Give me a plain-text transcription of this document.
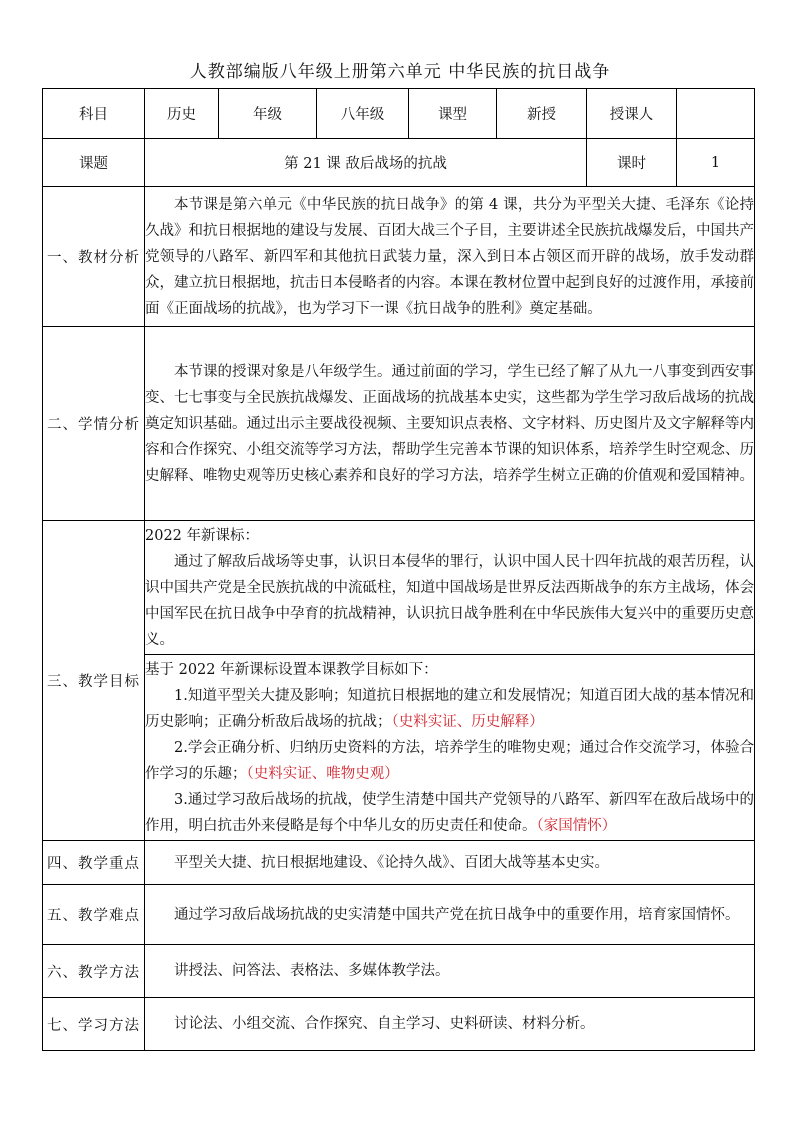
人教部编版八年级上册第六单元 中华民族的抗日战争
科目	历史	年级	八年级	课型	新授	授课人	
课题	第 21 课 敌后战场的抗战					课时	1
一、教材分析	本节课是第六单元《中华民族的抗日战争》的第 4 课，共分为平型关大捷、毛泽东《论持久战》和抗日根据地的建设与发展、百团大战三个子目，主要讲述全民族抗战爆发后，中国共产党领导的八路军、新四军和其他抗日武装力量，深入到日本占领区而开辟的战场，放手发动群众，建立抗日根据地，抗击日本侵略者的内容。本课在教材位置中起到良好的过渡作用，承接前面《正面战场的抗战》，也为学习下一课《抗日战争的胜利》奠定基础。						
二、学情分析	本节课的授课对象是八年级学生。通过前面的学习，学生已经了解了从九一八事变到西安事变、七七事变与全民族抗战爆发、正面战场的抗战基本史实，这些都为学生学习敌后战场的抗战奠定知识基础。通过出示主要战役视频、主要知识点表格、文字材料、历史图片及文字解释等内容和合作探究、小组交流等学习方法，帮助学生完善本节课的知识体系，培养学生时空观念、历史解释、唯物史观等历史核心素养和良好的学习方法，培养学生树立正确的价值观和爱国精神。						
三、教学目标	2022 年新课标：
通过了解敌后战场等史事，认识日本侵华的罪行，认识中国人民十四年抗战的艰苦历程，认识中国共产党是全民族抗战的中流砥柱，知道中国战场是世界反法西斯战争的东方主战场，体会中国军民在抗日战争中孕育的抗战精神，认识抗日战争胜利在中华民族伟大复兴中的重要历史意义。						

	基于 2022 年新课标设置本课教学目标如下：
1.知道平型关大捷及影响；知道抗日根据地的建立和发展情况；知道百团大战的基本情况和历史影响；正确分析敌后战场的抗战；（史料实证、历史解释）
2.学会正确分析、归纳历史资料的方法，培养学生的唯物史观；通过合作交流学习，体验合作学习的乐趣；（史料实证、唯物史观）
3.通过学习敌后战场的抗战，使学生清楚中国共产党领导的八路军、新四军在敌后战场中的作用，明白抗击外来侵略是每个中华儿女的历史责任和使命。（家国情怀）						

四、教学重点	平型关大捷、抗日根据地建设、《论持久战》、百团大战等基本史实。						
五、教学难点	通过学习敌后战场抗战的史实清楚中国共产党在抗日战争中的重要作用，培育家国情怀。						
六、教学方法	讲授法、问答法、表格法、多媒体教学法。						
七、学习方法	讨论法、小组交流、合作探究、自主学习、史料研读、材料分析。						
